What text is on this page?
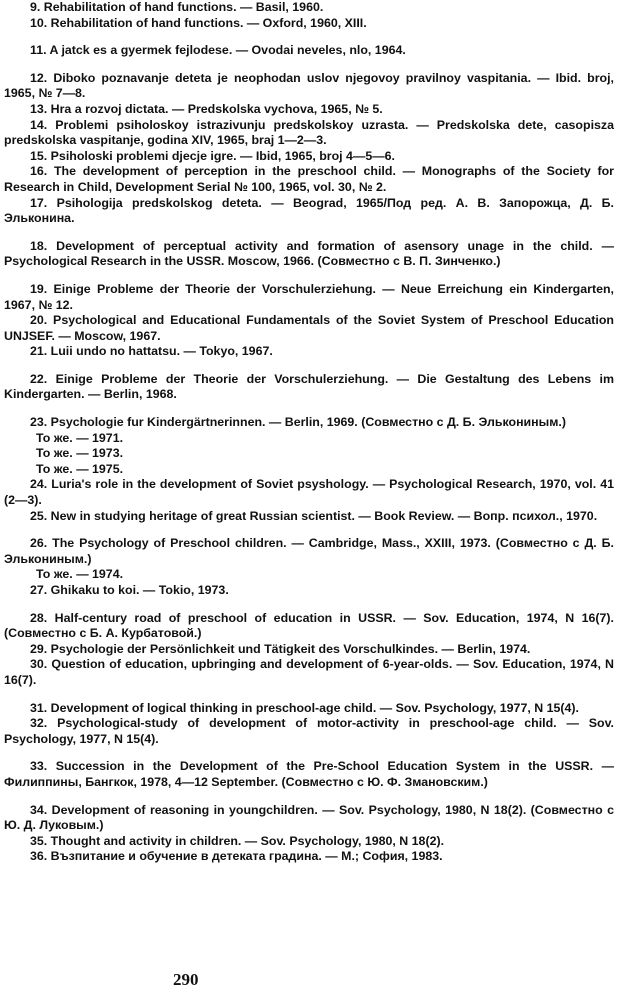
9. Rehabilitation of hand functions. — Basil, 1960.

10. Rehabilitation of hand functions. — Oxford, 1960, XIII.

11. A jatck es a gyermek fejlodese. — Ovodai neveles, nlo, 1964.

12. Diboko poznavanje deteta je neophodan uslov njegovoy pravilnoy vaspitania. — Ibid. broj, 1965, № 7—8.

13. Hra a rozvoj dictata. — Predskolska vychova, 1965, № 5.

14. Problemi psiholoskoy istrazivunju predskolskoy uzrasta. — Predskolska dete, casopisza predskolska vaspitanje, godina XIV, 1965, braj 1—2—3.

15. Psiholoski problemi djecje igre. — Ibid, 1965, broj 4—5—6.

16. The development of perception in the preschool child. — Monographs of the Society for Research in Child, Development Serial № 100, 1965, vol. 30, № 2.

17. Psihologija predskolskog deteta. — Beograd, 1965/Под ред. А. В. Запорожца, Д. Б. Эльконина.

18. Development of perceptual activity and formation of asensory unage in the child. — Psychological Research in the USSR. Moscow, 1966. (Совместно с В. П. Зинченко.)

19. Einige Probleme der Theorie der Vorschulerziehung. — Neue Erreichung ein Kindergarten, 1967, № 12.

20. Psychological and Educational Fundamentals of the Soviet System of Preschool Education UNJSEF. — Moscow, 1967.

21. Luii undo no hattatsu. — Tokyo, 1967.

22. Einige Probleme der Theorie der Vorschulerziehung. — Die Gestaltung des Lebens im Kindergarten. — Berlin, 1968.

23. Psychologie fur Kindergärtnerinnen. — Berlin, 1969. (Совместно с Д. Б. Элькониным.)

То же. — 1971.

То же. — 1973.

То же. — 1975.

24. Luria's role in the development of Soviet psyshology. — Psychological Research, 1970, vol. 41 (2—3).

25. New in studying heritage of great Russian scientist. — Book Review. — Вопр. психол., 1970.

26. The Psychology of Preschool children. — Cambridge, Mass., XXIII, 1973. (Совместно с Д. Б. Элькониным.)

То же. — 1974.

27. Ghikaku to koi. — Tokio, 1973.

28. Half-century road of preschool of education in USSR. — Sov. Education, 1974, N 16(7). (Совместно с Б. А. Курбатовой.)

29. Psychologie der Persönlichkeit und Tätigkeit des Vorschulkindes. — Berlin, 1974.

30. Question of education, upbringing and development of 6-year-olds. — Sov. Education, 1974, N 16(7).

31. Development of logical thinking in preschool-age child. — Sov. Psychology, 1977, N 15(4).

32. Psychological-study of development of motor-activity in preschool-age child. — Sov. Psychology, 1977, N 15(4).

33. Succession in the Development of the Pre-School Education System in the USSR. — Филиппины, Бангкок, 1978, 4—12 September. (Совместно с Ю. Ф. Змановским.)

34. Development of reasoning in youngchildren. — Sov. Psychology, 1980, N 18(2). (Совместно с Ю. Д. Луковым.)

35. Thought and activity in children. — Sov. Psychology, 1980, N 18(2).

36. Възпитание и обучение в детеката градина. — М.; София, 1983.

290
